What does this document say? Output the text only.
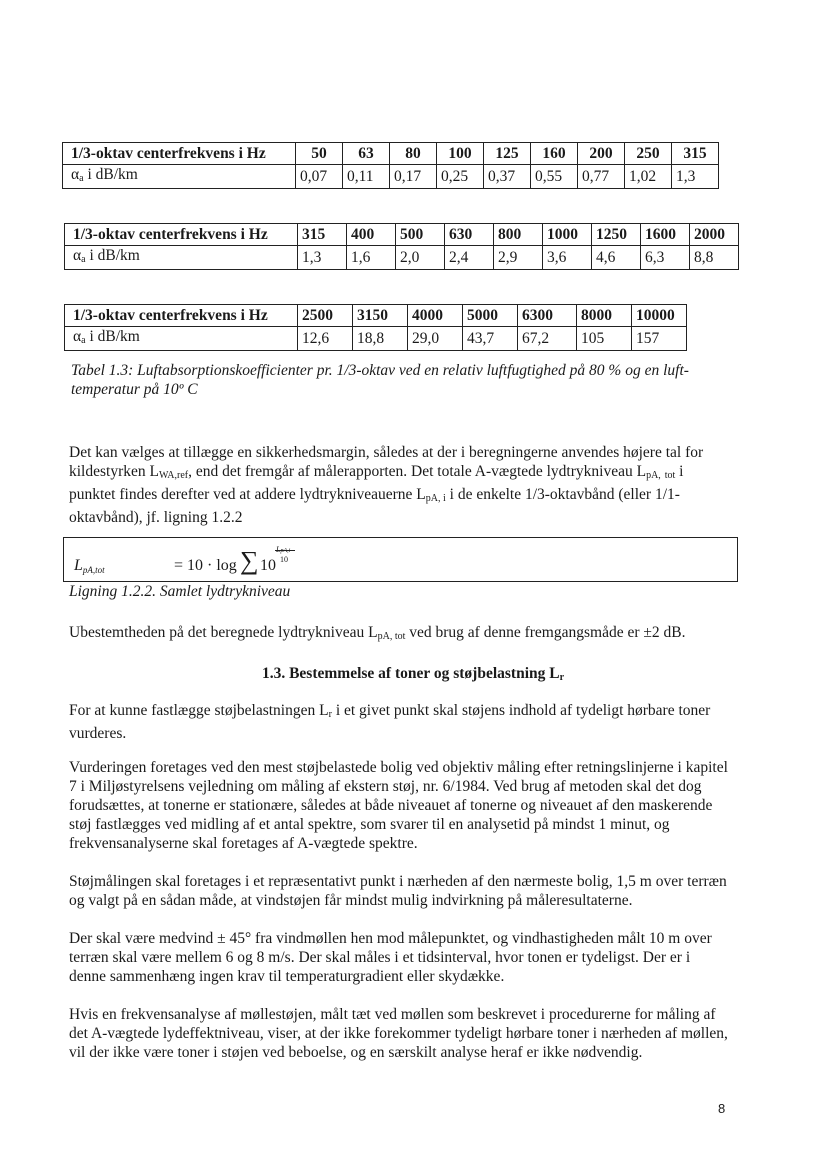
1/3-oktav centerfrekvens i Hz	50	63	80	100	125	160	200	250	315
$\alpha_a$ i dB/km	0,07	0,11	0,17	0,25	0,37	0,55	0,77	1,02	1,3
1/3-oktav centerfrekvens i Hz	315	400	500	630	800	1000	1250	1600	2000
$\alpha_a$ i dB/km	1,3	1,6	2,0	2,4	2,9	3,6	4,6	6,3	8,8
1/3-oktav centerfrekvens i Hz	2500	3150	4000	5000	6300	8000	10000
$\alpha_a$ i dB/km	12,6	18,8	29,0	43,7	67,2	105	157
Tabel 1.3: Luftabsorptionskoefficienter pr. 1/3-oktav ved en relativ luftfugtighed på 80 % og en luft-
temperatur på 10º C
Det kan vælges at tillægge en sikkerhedsmargin, således at der i beregningerne anvendes højere tal for kildestyrken $L_{WA,ref}$, end det fremgår af målerapporten. Det totale A-vægtede lydtrykniveau $L_{pA,}$ $_{tot}$ i punktet findes derefter ved at addere lydtrykniveauerne $L_{pA, i}$ i de enkelte 1/3-oktavbånd (eller 1/1-oktavbånd), jf. ligning 1.2.2
LpA,tot	= 10 · log ∑ 10
LpA,i
10
Ligning 1.2.2. Samlet lydtrykniveau
Ubestemtheden på det beregnede lydtrykniveau $L_{pA, tot}$ ved brug af denne fremgangsmåde er ±2 dB.
1.3. Bestemmelse af toner og støjbelastning $L_r$
For at kunne fastlægge støjbelastningen $L_r$ i et givet punkt skal støjens indhold af tydeligt hørbare toner vurderes.
Vurderingen foretages ved den mest støjbelastede bolig ved objektiv måling efter retningslinjerne i kapitel 7 i Miljøstyrelsens vejledning om måling af ekstern støj, nr. 6/1984. Ved brug af metoden skal det dog forudsættes, at tonerne er stationære, således at både niveauet af tonerne og niveauet af den maskerende støj fastlægges ved midling af et antal spektre, som svarer til en analysetid på mindst 1 minut, og frekvensanalyserne skal foretages af A-vægtede spektre.
Støjmålingen skal foretages i et repræsentativt punkt i nærheden af den nærmeste bolig, 1,5 m over terræn og valgt på en sådan måde, at vindstøjen får mindst mulig indvirkning på måleresultaterne.
Der skal være medvind ± 45° fra vindmøllen hen mod målepunktet, og vindhastigheden målt 10 m over terræn skal være mellem 6 og 8 m/s. Der skal måles i et tidsinterval, hvor tonen er tydeligst. Der er i denne sammenhæng ingen krav til temperaturgradient eller skydække.
Hvis en frekvensanalyse af møllestøjen, målt tæt ved møllen som beskrevet i procedurerne for måling af det A-vægtede lydeffektniveau, viser, at der ikke forekommer tydeligt hørbare toner i nærheden af møllen, vil der ikke være toner i støjen ved beboelse, og en særskilt analyse heraf er ikke nødvendig.
8
